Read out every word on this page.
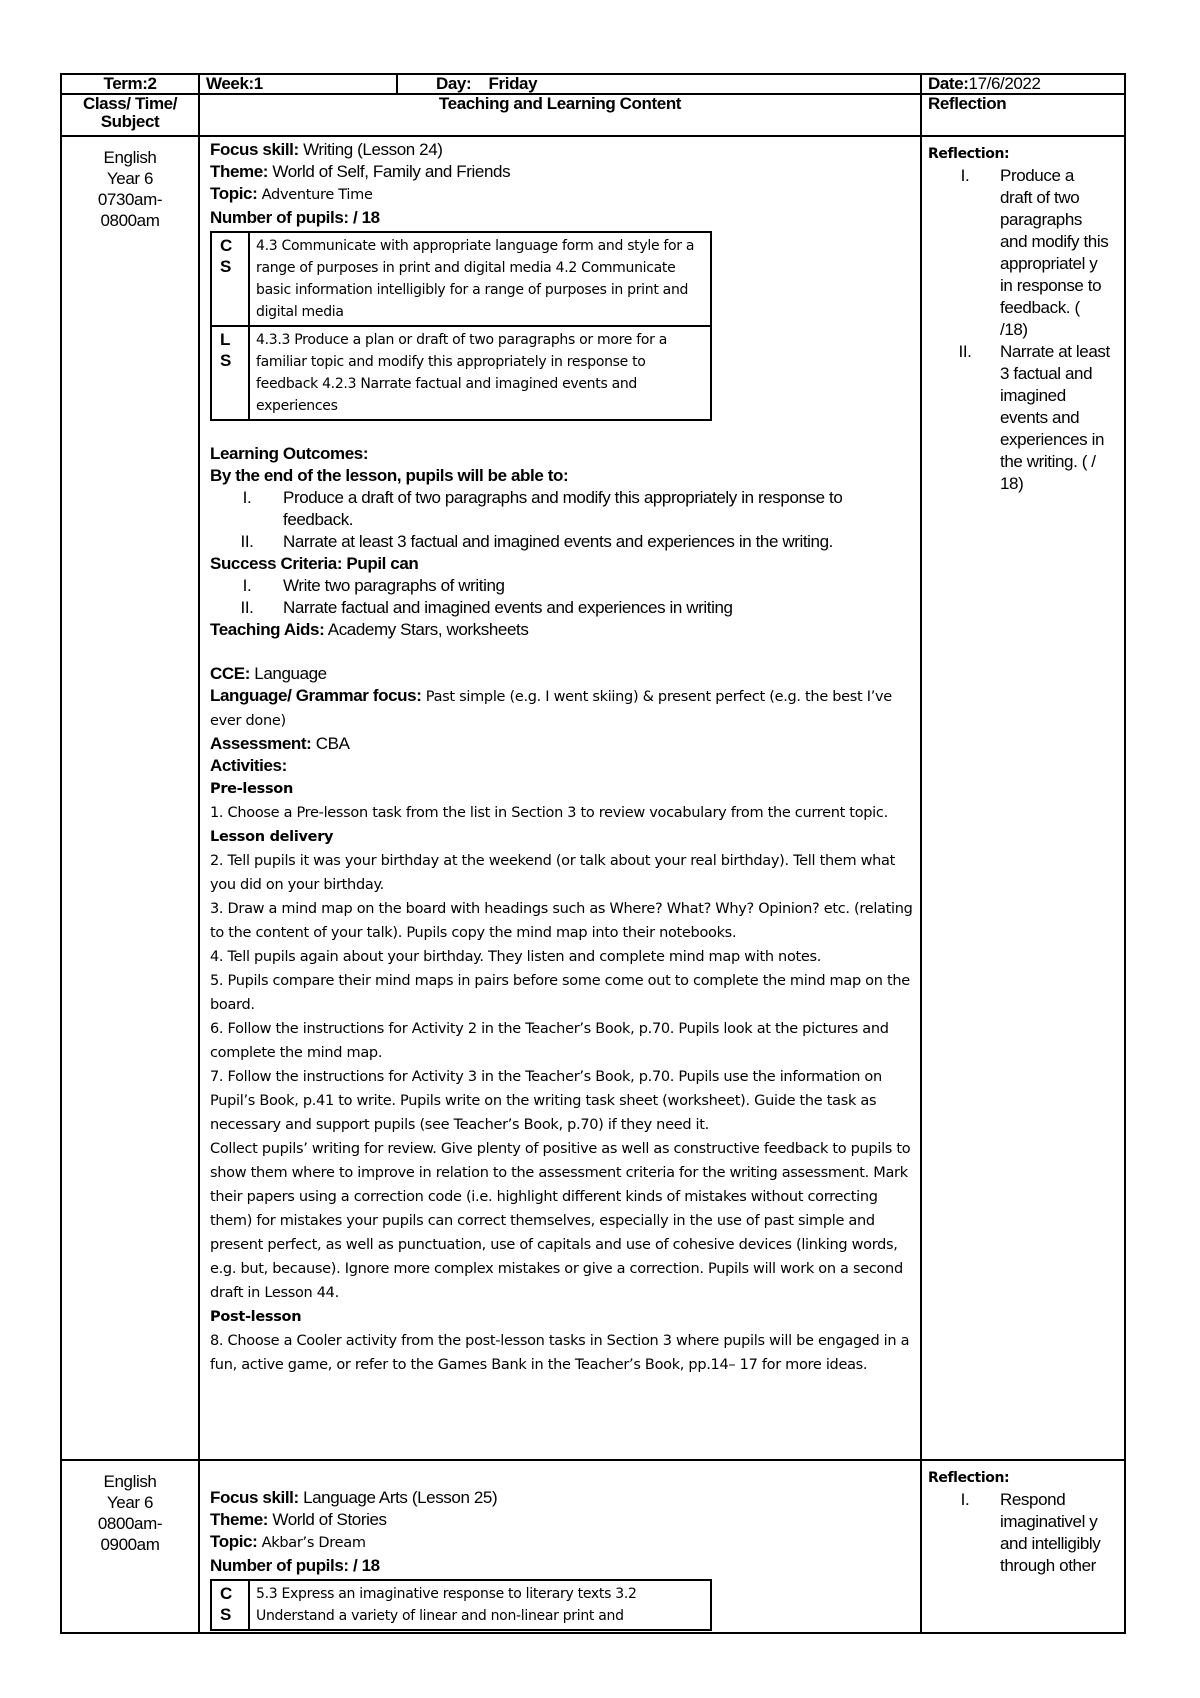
Term:2	Week:1	Day: Friday	Date:17/6/2022
Class/ Time/ Subject	Teaching and Learning Content	Reflection

English
Year 6
0730am-
0800am

Focus skill: Writing (Lesson 24)
Theme: World of Self, Family and Friends
Topic: Adventure Time
Number of pupils: / 18
C S	4.3 Communicate with appropriate language form and style for a range of purposes in print and digital media 4.2 Communicate basic information intelligibly for a range of purposes in print and digital media
L S	4.3.3 Produce a plan or draft of two paragraphs or more for a familiar topic and modify this appropriately in response to feedback 4.2.3 Narrate factual and imagined events and experiences
Learning Outcomes:
By the end of the lesson, pupils will be able to:
I.	Produce a draft of two paragraphs and modify this appropriately in response to feedback.
II.	Narrate at least 3 factual and imagined events and experiences in the writing.
Success Criteria: Pupil can
I.	Write two paragraphs of writing
II.	Narrate factual and imagined events and experiences in writing
Teaching Aids: Academy Stars, worksheets
CCE: Language
Language/ Grammar focus: Past simple (e.g. I went skiing) & present perfect (e.g. the best I’ve ever done)
Assessment: CBA
Activities:
Pre-lesson
1. Choose a Pre-lesson task from the list in Section 3 to review vocabulary from the current topic.
Lesson delivery
2. Tell pupils it was your birthday at the weekend (or talk about your real birthday). Tell them what you did on your birthday.
3. Draw a mind map on the board with headings such as Where? What? Why? Opinion? etc. (relating to the content of your talk). Pupils copy the mind map into their notebooks.
4. Tell pupils again about your birthday. They listen and complete mind map with notes.
5. Pupils compare their mind maps in pairs before some come out to complete the mind map on the board.
6. Follow the instructions for Activity 2 in the Teacher’s Book, p.70. Pupils look at the pictures and complete the mind map.
7. Follow the instructions for Activity 3 in the Teacher’s Book, p.70. Pupils use the information on Pupil’s Book, p.41 to write. Pupils write on the writing task sheet (worksheet). Guide the task as necessary and support pupils (see Teacher’s Book, p.70) if they need it.
Collect pupils’ writing for review. Give plenty of positive as well as constructive feedback to pupils to show them where to improve in relation to the assessment criteria for the writing assessment. Mark their papers using a correction code (i.e. highlight different kinds of mistakes without correcting them) for mistakes your pupils can correct themselves, especially in the use of past simple and present perfect, as well as punctuation, use of capitals and use of cohesive devices (linking words, e.g. but, because). Ignore more complex mistakes or give a correction. Pupils will work on a second draft in Lesson 44.
Post-lesson
8. Choose a Cooler activity from the post-lesson tasks in Section 3 where pupils will be engaged in a fun, active game, or refer to the Games Bank in the Teacher’s Book, pp.14– 17 for more ideas.

Reflection:
I.	Produce a draft of two paragraphs and modify this appropriatel y in response to feedback. ( /18)
II.	Narrate at least 3 factual and imagined events and experiences in the writing. ( / 18)

English
Year 6
0800am-
0900am

Focus skill: Language Arts (Lesson 25)
Theme: World of Stories
Topic: Akbar’s Dream
Number of pupils: / 18
C S	5.3 Express an imaginative response to literary texts 3.2 Understand a variety of linear and non-linear print and

Reflection:
I.	Respond imaginativel y and intelligibly through other
